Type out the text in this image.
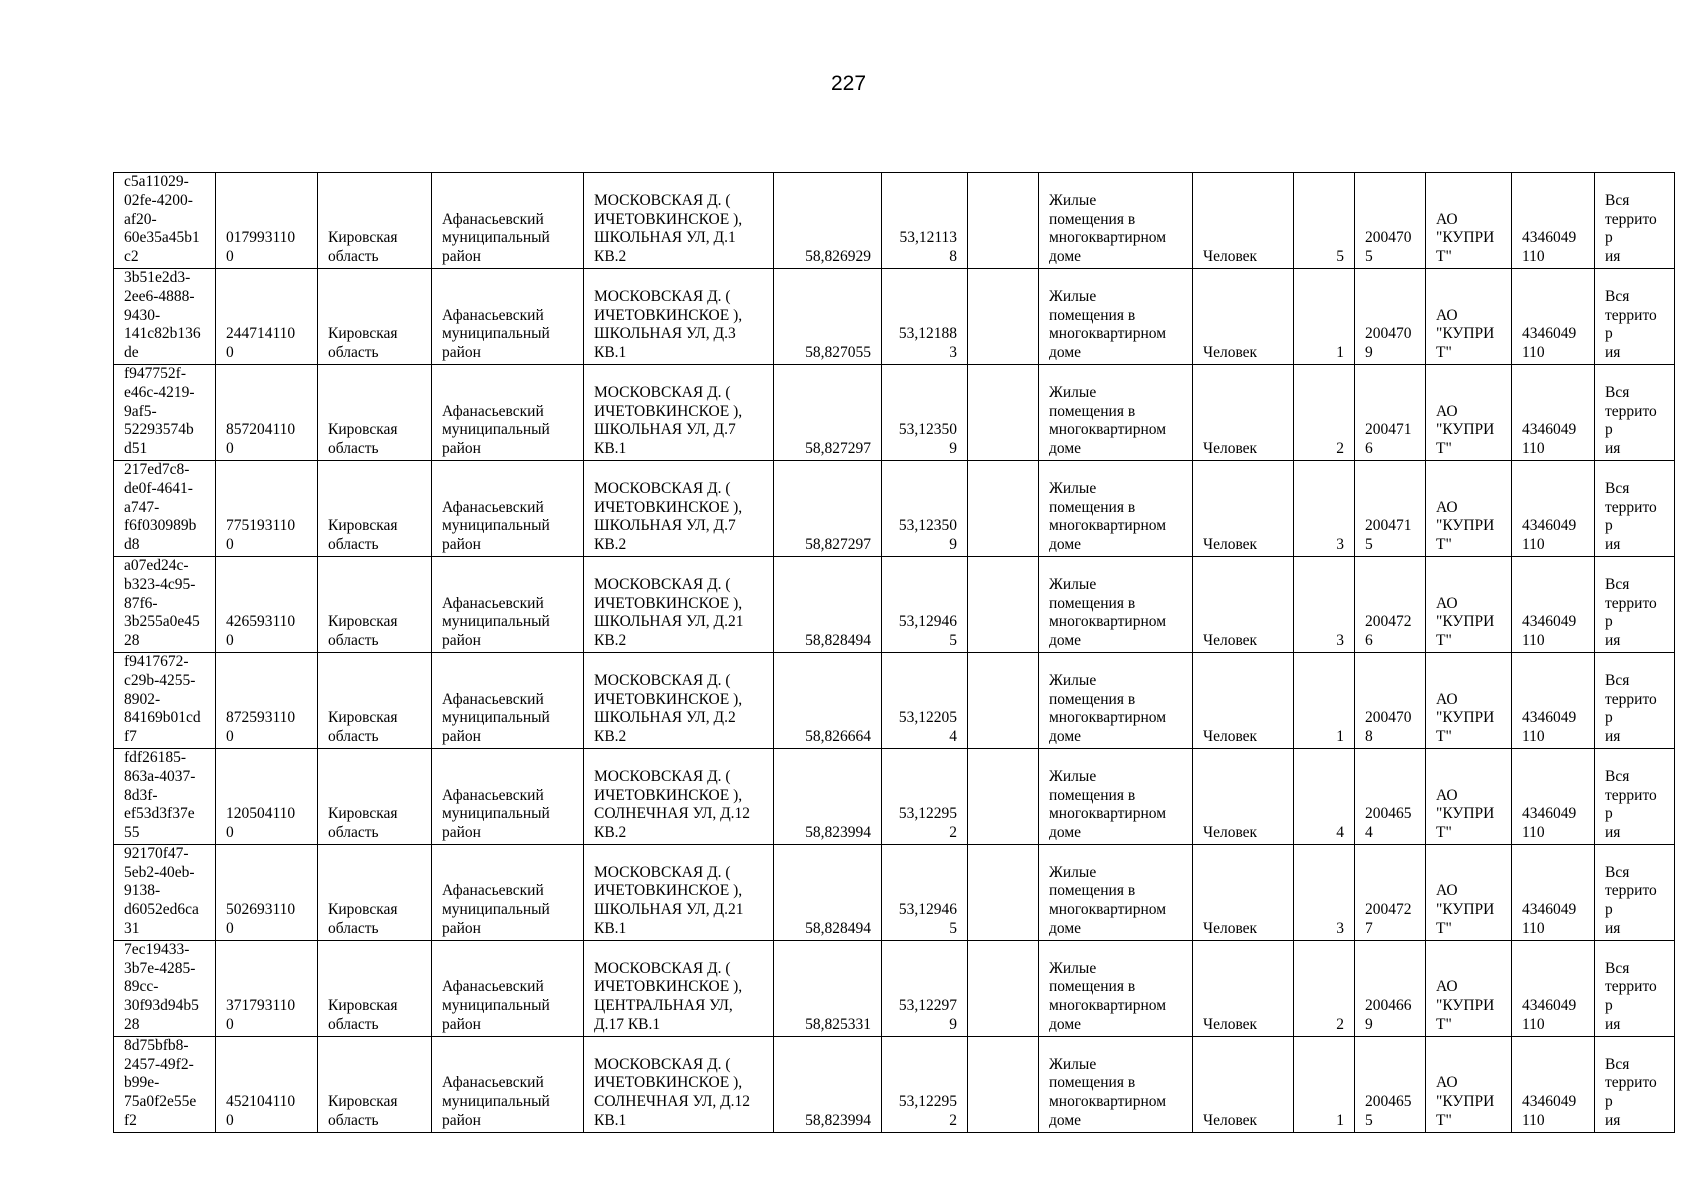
227
c5a11029-
02fe-4200-
af20-
60e35a45b1
c2	017993110
0	Кировская
область	Афанасьевский
муниципальный
район	МОСКОВСКАЯ Д. (
ИЧЕТОВКИНСКОЕ ),
ШКОЛЬНАЯ УЛ, Д.1
КВ.2	58,826929	53,12113
8		Жилые
помещения в
многоквартирном
доме	Человек	5	200470
5	АО
"КУПРИ
Т"	4346049
110	Вся
территор
ия

3b51e2d3-
2ee6-4888-
9430-
141c82b136
de	244714110
0	Кировская
область	Афанасьевский
муниципальный
район	МОСКОВСКАЯ Д. (
ИЧЕТОВКИНСКОЕ ),
ШКОЛЬНАЯ УЛ, Д.3
КВ.1	58,827055	53,12188
3		Жилые
помещения в
многоквартирном
доме	Человек	1	200470
9	АО
"КУПРИ
Т"	4346049
110	Вся
территор
ия

f947752f-
e46c-4219-
9af5-
52293574b
d51	857204110
0	Кировская
область	Афанасьевский
муниципальный
район	МОСКОВСКАЯ Д. (
ИЧЕТОВКИНСКОЕ ),
ШКОЛЬНАЯ УЛ, Д.7
КВ.1	58,827297	53,12350
9		Жилые
помещения в
многоквартирном
доме	Человек	2	200471
6	АО
"КУПРИ
Т"	4346049
110	Вся
территор
ия

217ed7c8-
de0f-4641-
a747-
f6f030989b
d8	775193110
0	Кировская
область	Афанасьевский
муниципальный
район	МОСКОВСКАЯ Д. (
ИЧЕТОВКИНСКОЕ ),
ШКОЛЬНАЯ УЛ, Д.7
КВ.2	58,827297	53,12350
9		Жилые
помещения в
многоквартирном
доме	Человек	3	200471
5	АО
"КУПРИ
Т"	4346049
110	Вся
территор
ия

a07ed24c-
b323-4c95-
87f6-
3b255a0e45
28	426593110
0	Кировская
область	Афанасьевский
муниципальный
район	МОСКОВСКАЯ Д. (
ИЧЕТОВКИНСКОЕ ),
ШКОЛЬНАЯ УЛ, Д.21
КВ.2	58,828494	53,12946
5		Жилые
помещения в
многоквартирном
доме	Человек	3	200472
6	АО
"КУПРИ
Т"	4346049
110	Вся
территор
ия

f9417672-
c29b-4255-
8902-
84169b01cd
f7	872593110
0	Кировская
область	Афанасьевский
муниципальный
район	МОСКОВСКАЯ Д. (
ИЧЕТОВКИНСКОЕ ),
ШКОЛЬНАЯ УЛ, Д.2
КВ.2	58,826664	53,12205
4		Жилые
помещения в
многоквартирном
доме	Человек	1	200470
8	АО
"КУПРИ
Т"	4346049
110	Вся
территор
ия

fdf26185-
863a-4037-
8d3f-
ef53d3f37e
55	120504110
0	Кировская
область	Афанасьевский
муниципальный
район	МОСКОВСКАЯ Д. (
ИЧЕТОВКИНСКОЕ ),
СОЛНЕЧНАЯ УЛ, Д.12
КВ.2	58,823994	53,12295
2		Жилые
помещения в
многоквартирном
доме	Человек	4	200465
4	АО
"КУПРИ
Т"	4346049
110	Вся
территор
ия

92170f47-
5eb2-40eb-
9138-
d6052ed6ca
31	502693110
0	Кировская
область	Афанасьевский
муниципальный
район	МОСКОВСКАЯ Д. (
ИЧЕТОВКИНСКОЕ ),
ШКОЛЬНАЯ УЛ, Д.21
КВ.1	58,828494	53,12946
5		Жилые
помещения в
многоквартирном
доме	Человек	3	200472
7	АО
"КУПРИ
Т"	4346049
110	Вся
территор
ия

7ec19433-
3b7e-4285-
89cc-
30f93d94b5
28	371793110
0	Кировская
область	Афанасьевский
муниципальный
район	МОСКОВСКАЯ Д. (
ИЧЕТОВКИНСКОЕ ),
ЦЕНТРАЛЬНАЯ УЛ,
Д.17 КВ.1	58,825331	53,12297
9		Жилые
помещения в
многоквартирном
доме	Человек	2	200466
9	АО
"КУПРИ
Т"	4346049
110	Вся
территор
ия

8d75bfb8-
2457-49f2-
b99e-
75a0f2e55e
f2	452104110
0	Кировская
область	Афанасьевский
муниципальный
район	МОСКОВСКАЯ Д. (
ИЧЕТОВКИНСКОЕ ),
СОЛНЕЧНАЯ УЛ, Д.12
КВ.1	58,823994	53,12295
2		Жилые
помещения в
многоквартирном
доме	Человек	1	200465
5	АО
"КУПРИ
Т"	4346049
110	Вся
территор
ия
